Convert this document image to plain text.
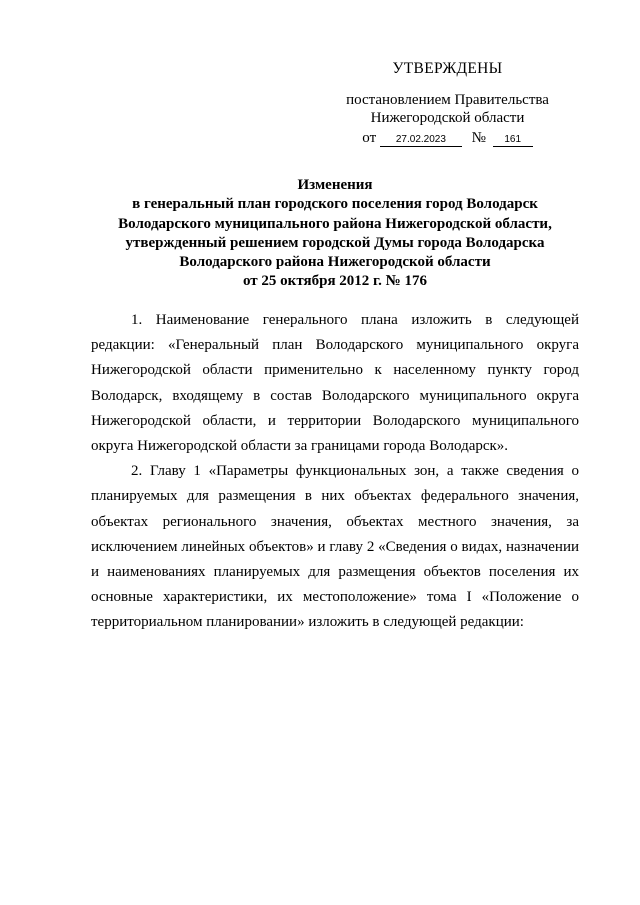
УТВЕРЖДЕНЫ
постановлением Правительства
Нижегородской области
от 27.02.2023 № 161
Изменения
в генеральный план городского поселения город Володарск
Володарского муниципального района Нижегородской области,
утвержденный решением городской Думы города Володарска
Володарского района Нижегородской области
от 25 октября 2012 г. № 176

1. Наименование генерального плана изложить в следующей редакции: «Генеральный план Володарского муниципального округа Нижегородской области применительно к населенному пункту город Володарск, входящему в состав Володарского муниципального округа Нижегородской области, и территории Володарского муниципального округа Нижегородской области за границами города Володарск».

2. Главу 1 «Параметры функциональных зон, а также сведения о планируемых для размещения в них объектах федерального значения, объектах регионального значения, объектах местного значения, за исключением линейных объектов» и главу 2 «Сведения о видах, назначении и наименованиях планируемых для размещения объектов поселения их основные характеристики, их местоположение» тома I «Положение о территориальном планировании» изложить в следующей редакции:
